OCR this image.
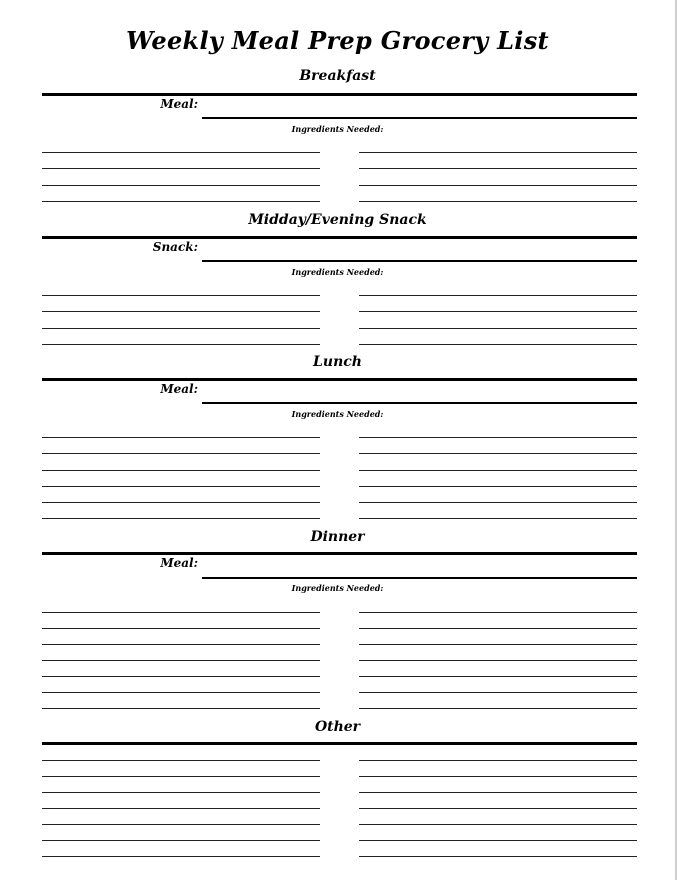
Weekly Meal Prep Grocery List
Breakfast
Meal:
Ingredients Needed:
Midday/Evening Snack
Snack:
Ingredients Needed:
Lunch
Meal:
Ingredients Needed:
Dinner
Meal:
Ingredients Needed:
Other
